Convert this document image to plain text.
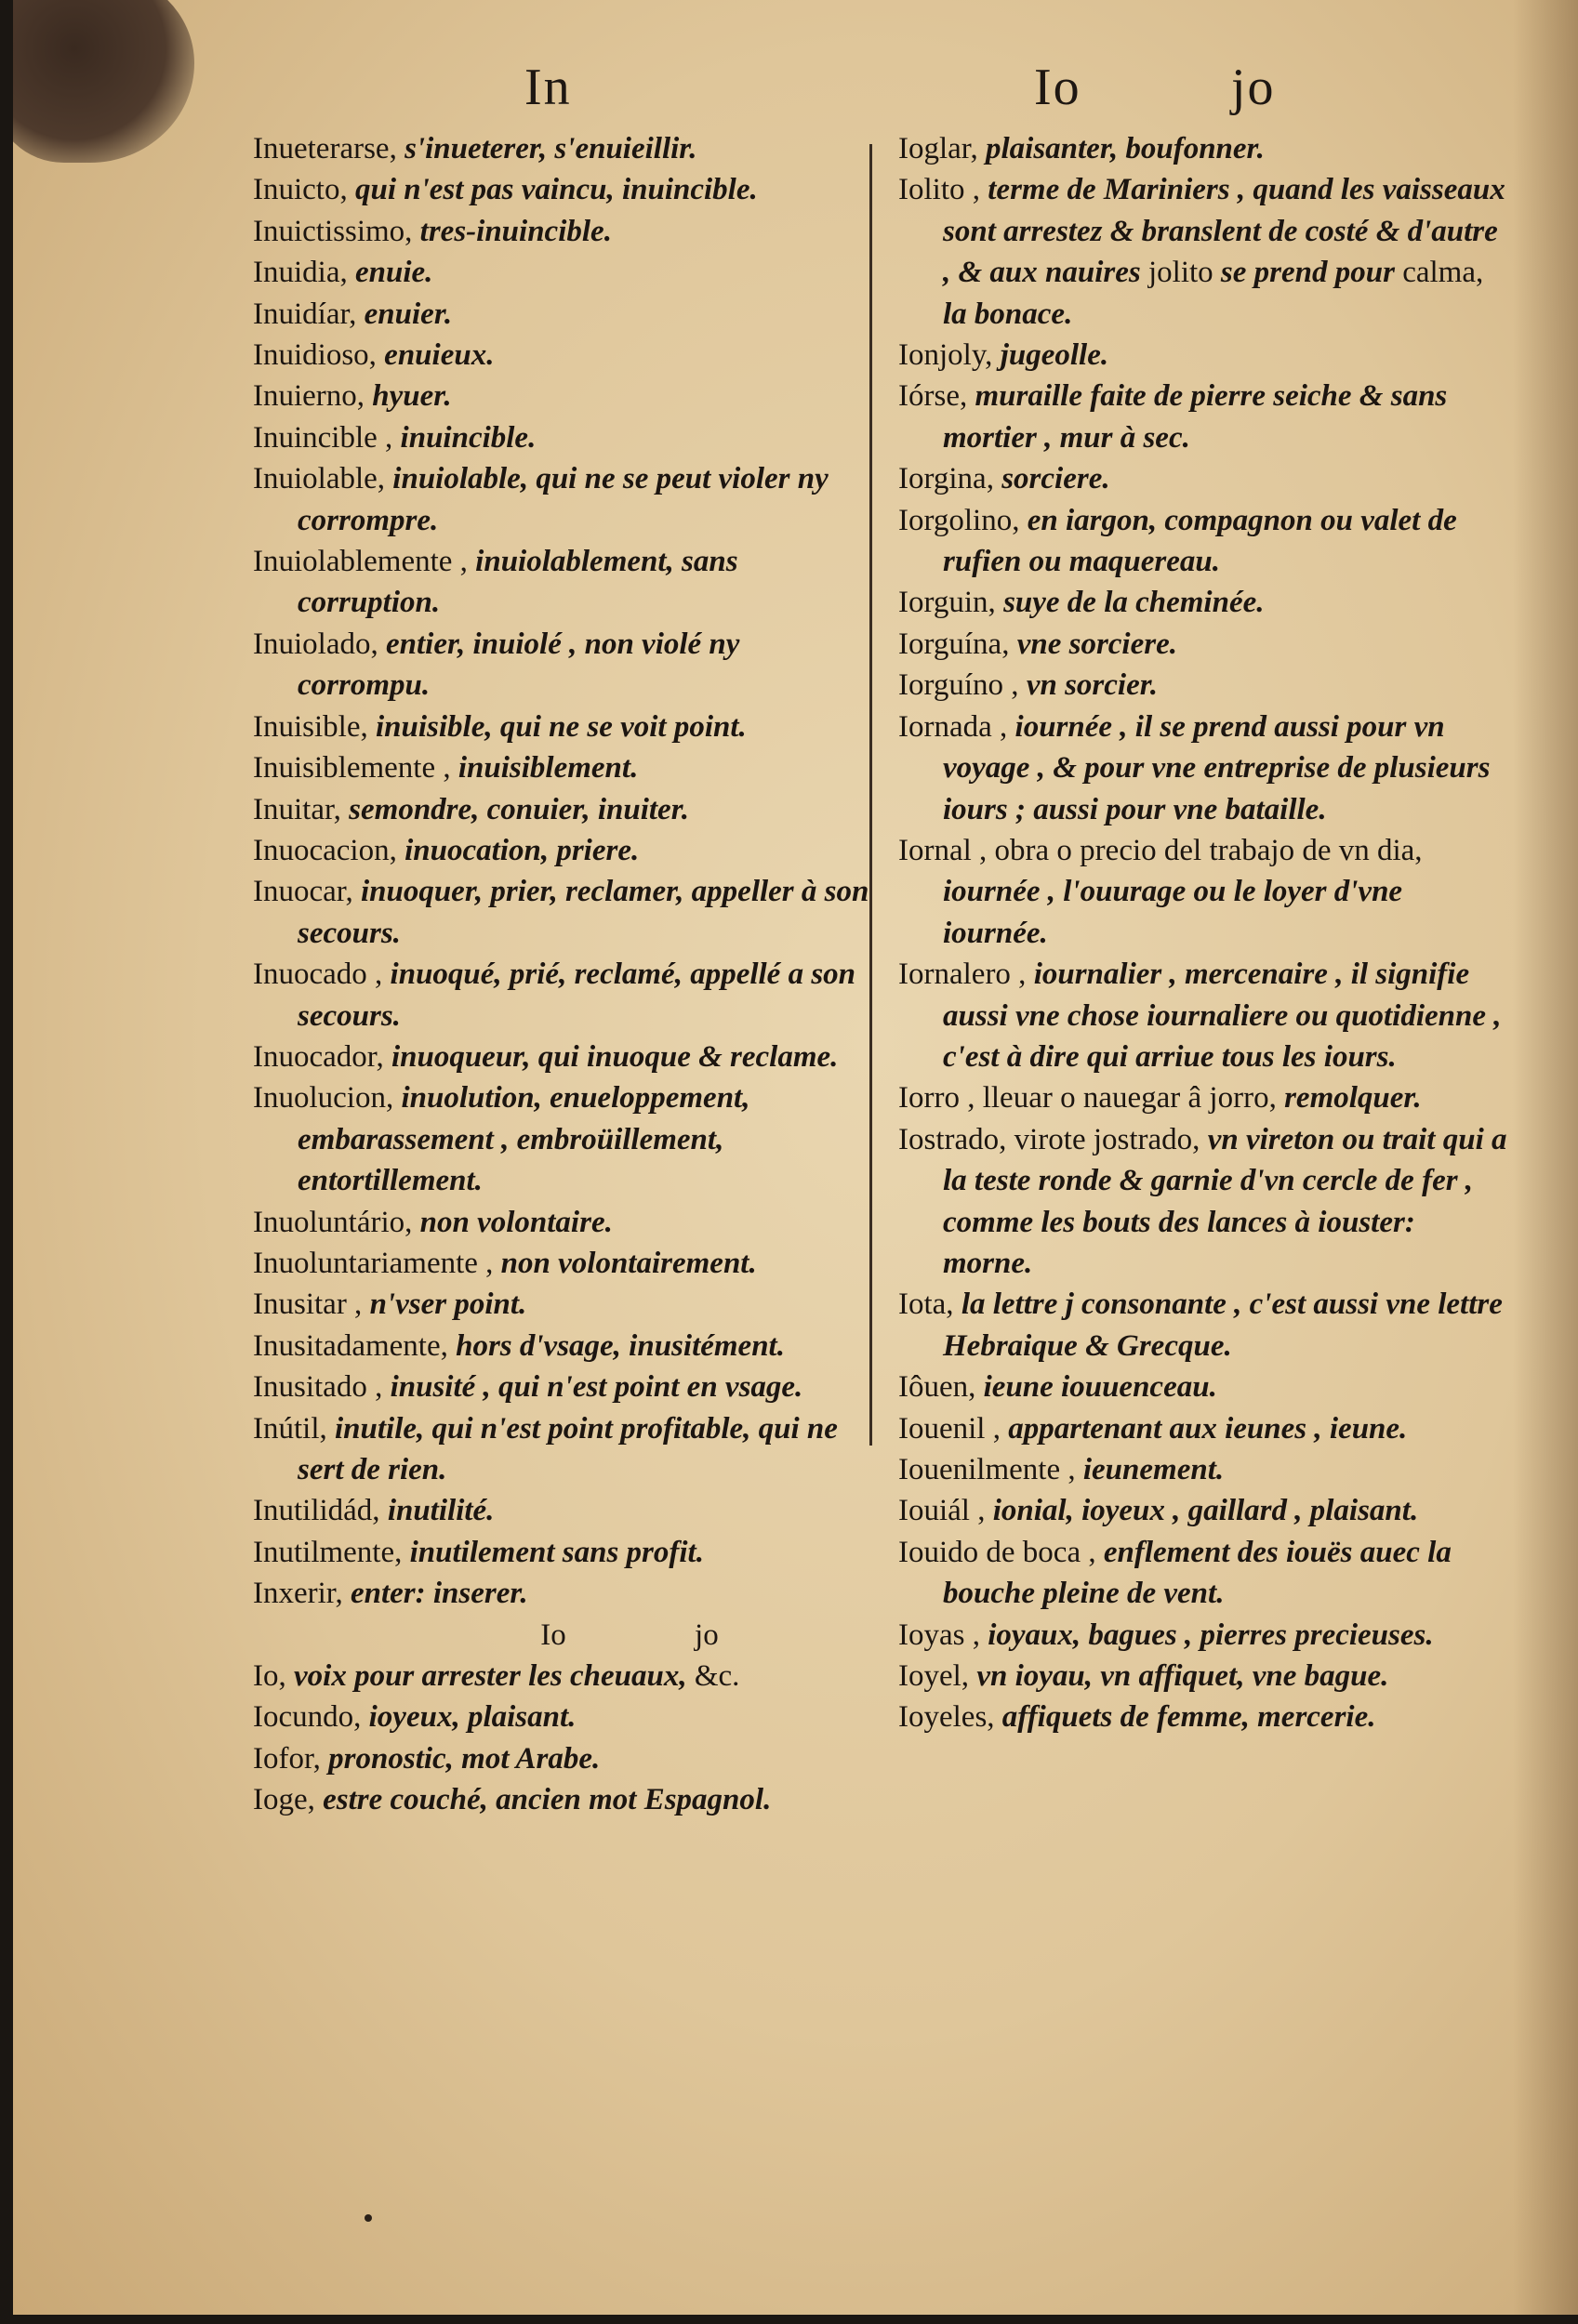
In	Io	jo

Inueterarse, s'inueterer, s'enuieillir.

Inuicto, qui n'est pas vaincu, inuincible.

Inuictissimo, tres-inuincible.

Inuidia, enuie.

Inuidíar, enuier.

Inuidioso, enuieux.

Inuierno, hyuer.

Inuincible , inuincible.

Inuiolable, inuiolable, qui ne se peut violer ny corrompre.

Inuiolablemente , inuiolablement, sans corruption.

Inuiolado, entier, inuiolé , non violé ny corrompu.

Inuisible, inuisible, qui ne se voit point.

Inuisiblemente , inuisiblement.

Inuitar, semondre, conuier, inuiter.

Inuocacion, inuocation, priere.

Inuocar, inuoquer, prier, reclamer, appeller à son secours.

Inuocado , inuoqué, prié, reclamé, appellé a son secours.

Inuocador, inuoqueur, qui inuoque & reclame.

Inuolucion, inuolution, enueloppement, embarassement , embroüillement, entortillement.

Inuoluntário, non volontaire.

Inuoluntariamente , non volontairement.

Inusitar , n'vser point.

Inusitadamente, hors d'vsage, inusitément.

Inusitado , inusité , qui n'est point en vsage.

Inútil, inutile, qui n'est point profitable, qui ne sert de rien.

Inutilidád, inutilité.

Inutilmente, inutilement sans profit.

Inxerir, enter: inserer.

Io jo

Io, voix pour arrester les cheuaux, &c.

Iocundo, ioyeux, plaisant.

Iofor, pronostic, mot Arabe.

Ioge, estre couché, ancien mot Espagnol.

Ioglar, plaisanter, boufonner.

Iolito , terme de Mariniers , quand les vaisseaux sont arrestez & branslent de costé & d'autre , & aux nauires jolito se prend pour calma, la bonace.

Ionjoly, jugeolle.

Iórse, muraille faite de pierre seiche & sans mortier , mur à sec.

Iorgina, sorciere.

Iorgolino, en iargon, compagnon ou valet de rufien ou maquereau.

Iorguin, suye de la cheminée.

Iorguína, vne sorciere.

Iorguíno , vn sorcier.

Iornada , iournée , il se prend aussi pour vn voyage , & pour vne entreprise de plusieurs iours ; aussi pour vne bataille.

Iornal , obra o precio del trabajo de vn dia, iournée , l'ouurage ou le loyer d'vne iournée.

Iornalero , iournalier , mercenaire , il signifie aussi vne chose iournaliere ou quotidienne , c'est à dire qui arriue tous les iours.

Iorro , lleuar o nauegar â jorro, remolquer.

Iostrado, virote jostrado, vn vireton ou trait qui a la teste ronde & garnie d'vn cercle de fer , comme les bouts des lances à iouster: morne.

Iota, la lettre j consonante , c'est aussi vne lettre Hebraique & Grecque.

Iôuen, ieune iouuenceau.

Iouenil , appartenant aux ieunes , ieune.

Iouenilmente , ieunement.

Iouiál , ionial, ioyeux , gaillard , plaisant.

Iouido de boca , enflement des iouës auec la bouche pleine de vent.

Ioyas , ioyaux, bagues , pierres precieuses.

Ioyel, vn ioyau, vn affiquet, vne bague.

Ioyeles, affiquets de femme, mercerie.
